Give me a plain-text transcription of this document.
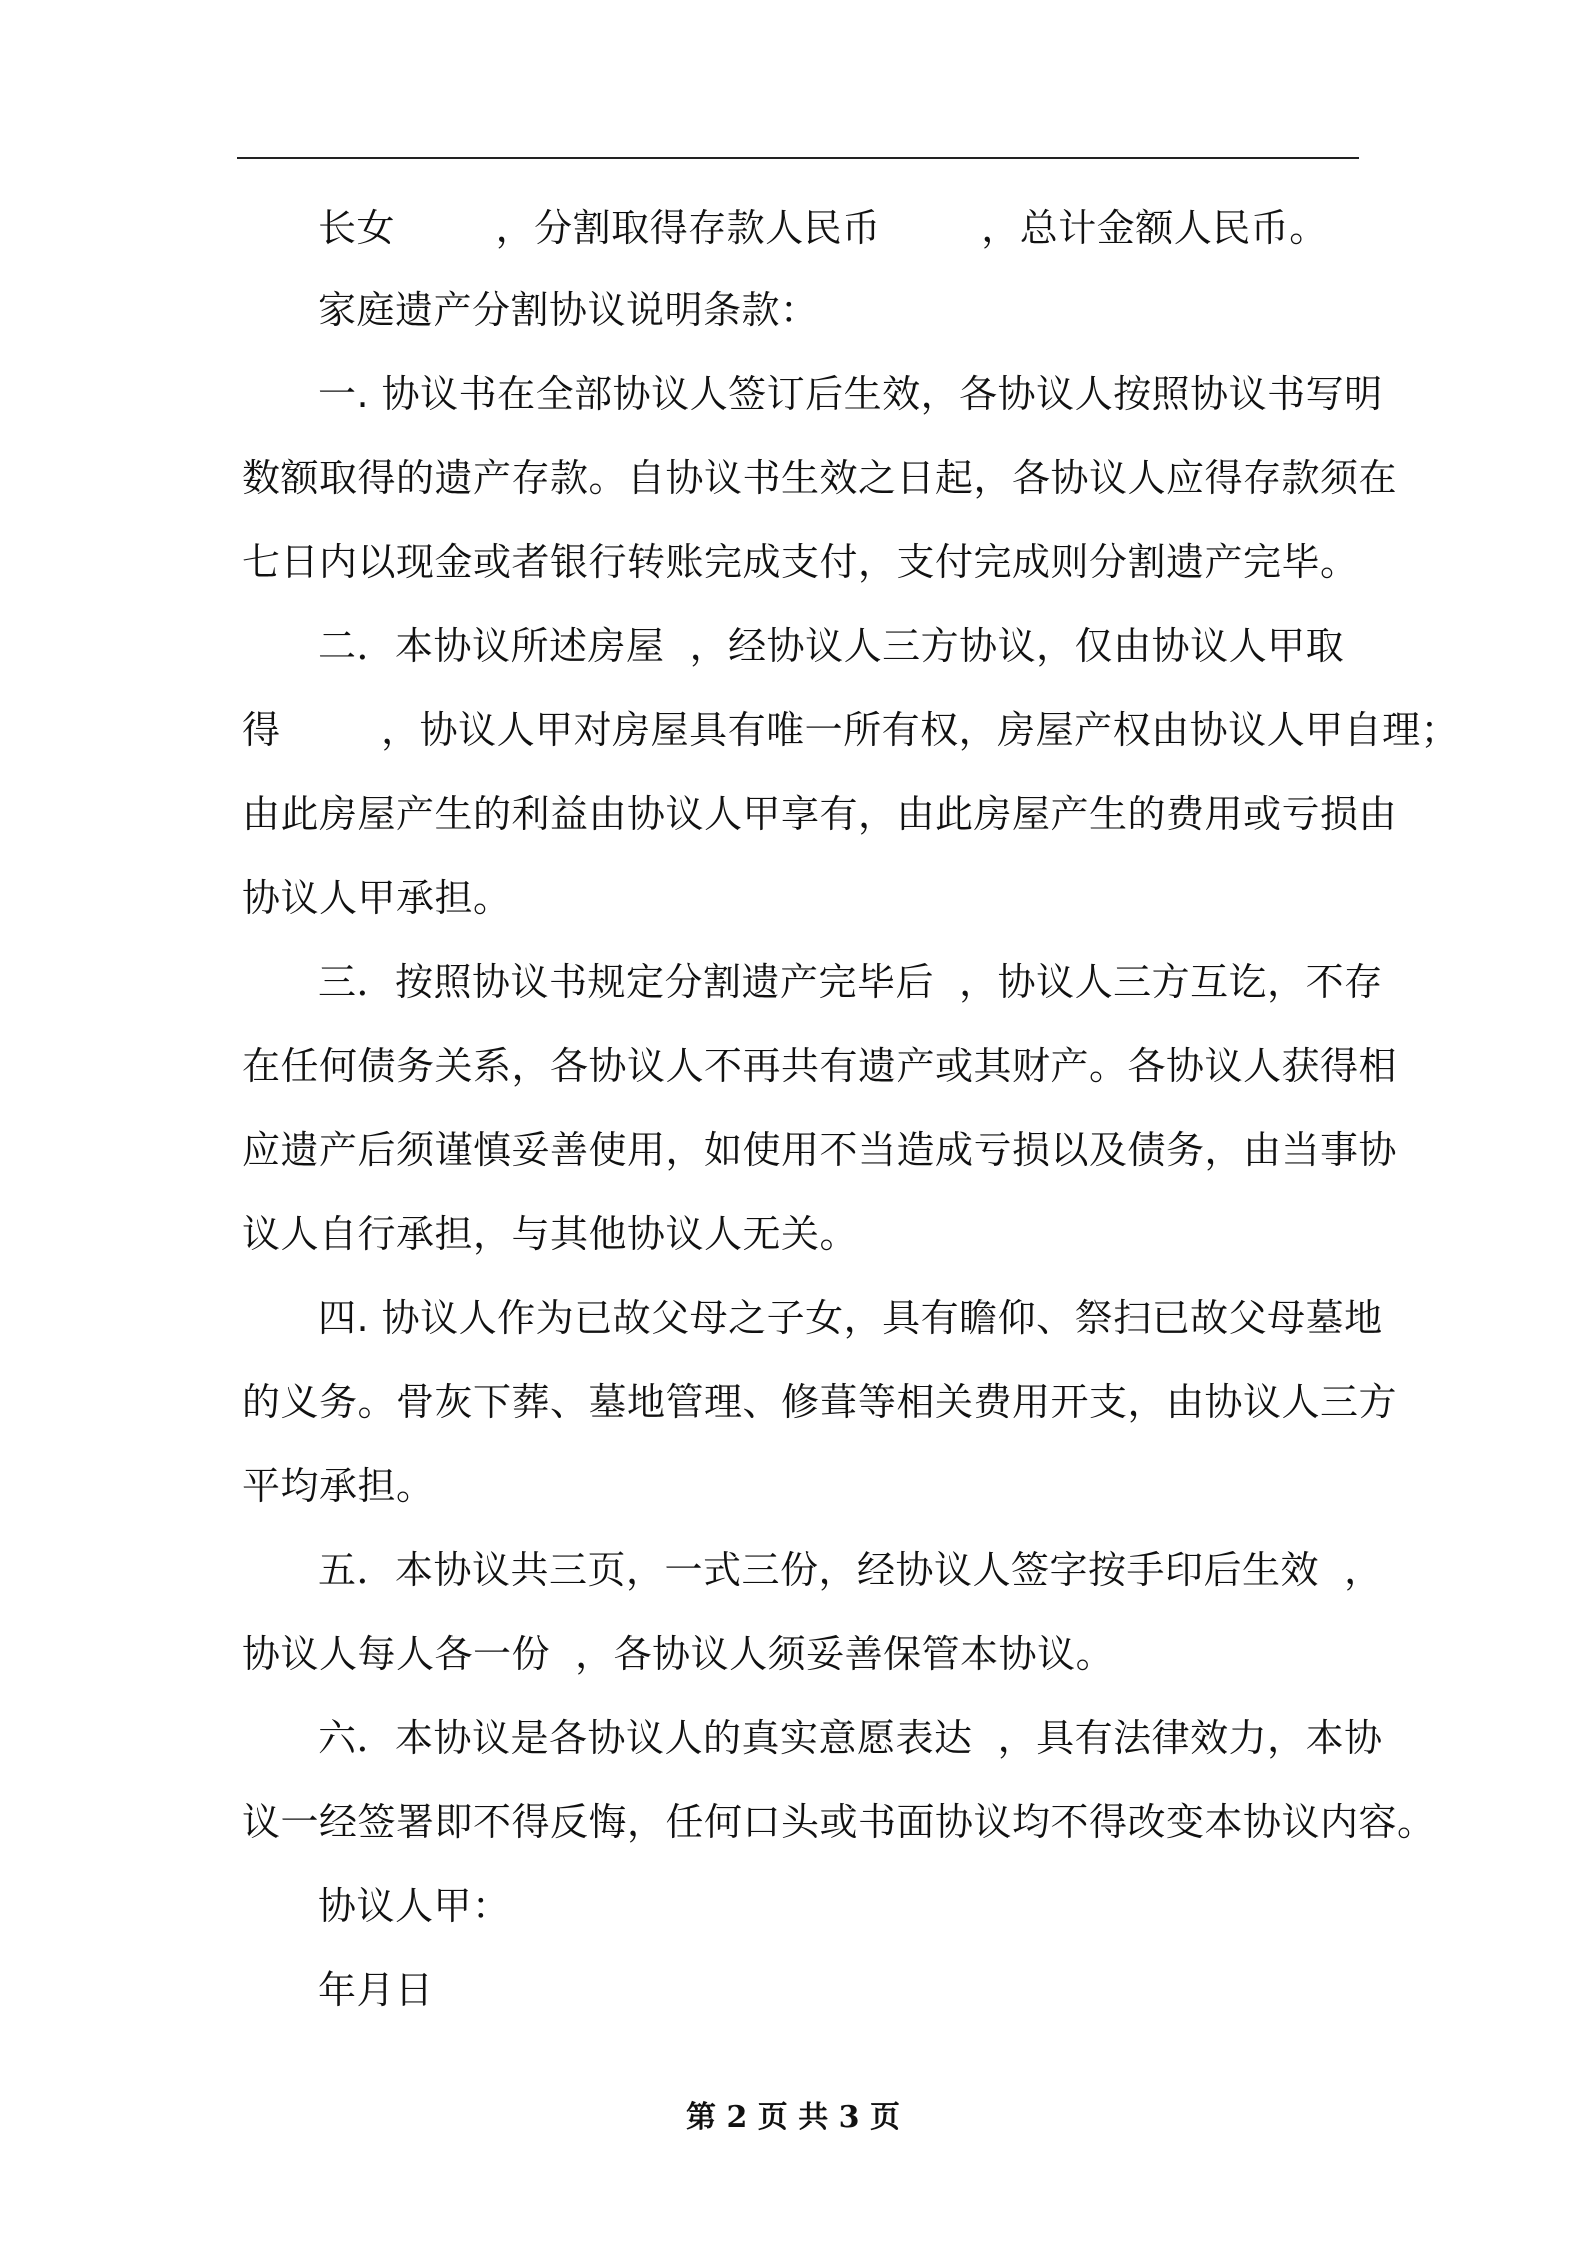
长女        ，分割取得存款人民币        ，总计金额人民币。
家庭遗产分割协议说明条款：
一. 协议书在全部协议人签订后生效，各协议人按照协议书写明
数额取得的遗产存款。自协议书生效之日起，各协议人应得存款须在
七日内以现金或者银行转账完成支付，支付完成则分割遗产完毕。
二．本协议所述房屋  ，经协议人三方协议，仅由协议人甲取
得        ，协议人甲对房屋具有唯一所有权，房屋产权由协议人甲自理；
由此房屋产生的利益由协议人甲享有，由此房屋产生的费用或亏损由
协议人甲承担。
三．按照协议书规定分割遗产完毕后  ，协议人三方互讫，不存
在任何债务关系，各协议人不再共有遗产或其财产。各协议人获得相
应遗产后须谨慎妥善使用，如使用不当造成亏损以及债务，由当事协
议人自行承担，与其他协议人无关。
四. 协议人作为已故父母之子女，具有瞻仰、祭扫已故父母墓地
的义务。骨灰下葬、墓地管理、修葺等相关费用开支，由协议人三方
平均承担。
五．本协议共三页，一式三份，经协议人签字按手印后生效  ，
协议人每人各一份  ，各协议人须妥善保管本协议。
六．本协议是各协议人的真实意愿表达  ，具有法律效力，本协
议一经签署即不得反悔，任何口头或书面协议均不得改变本协议内容。
协议人甲：
年月日
第 2 页 共 3 页
